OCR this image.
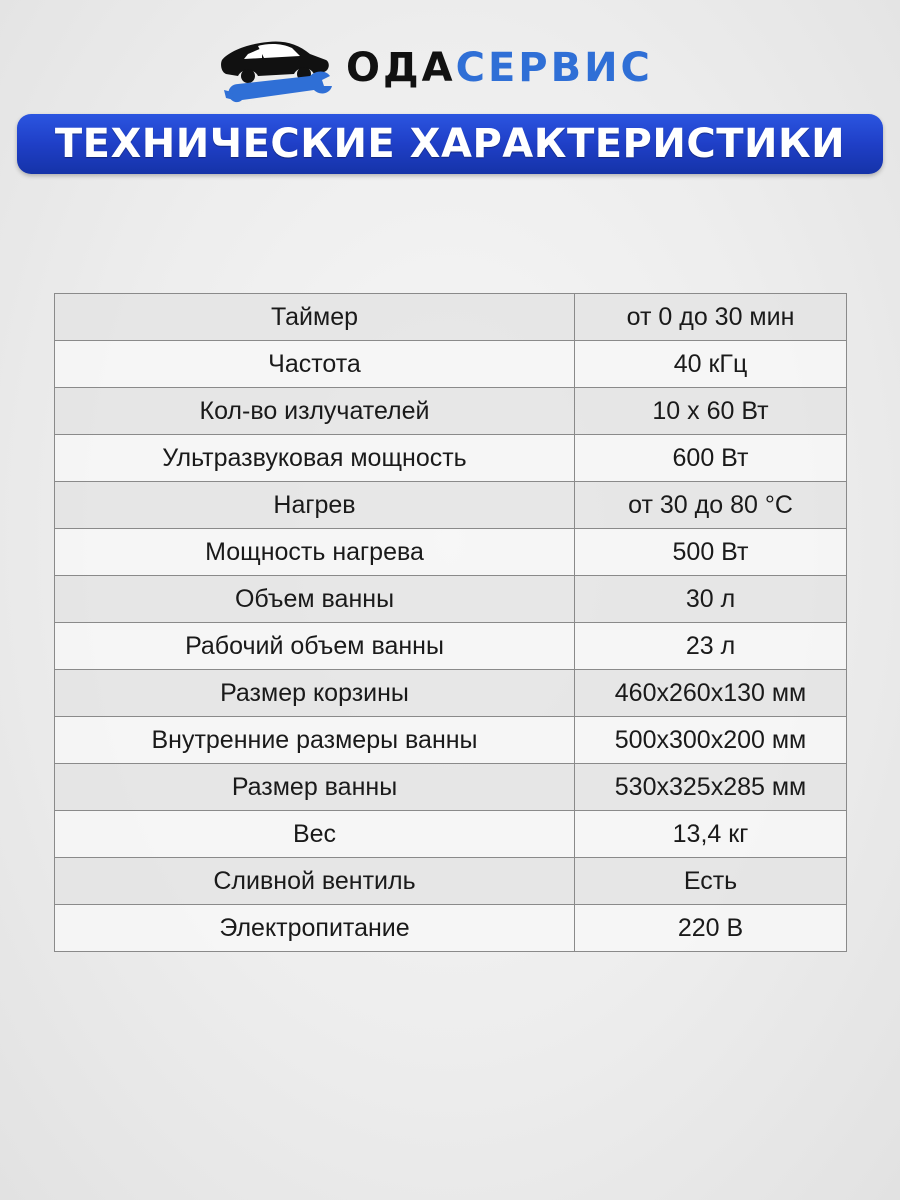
ОДАСЕРВИС
ТЕХНИЧЕСКИЕ ХАРАКТЕРИСТИКИ
Таймер	от 0 до 30 мин
Частота	40 кГц
Кол-во излучателей	10 х 60 Вт
Ультразвуковая мощность	600 Вт
Нагрев	от 30 до 80 °С
Мощность нагрева	500 Вт
Объем ванны	30 л
Рабочий объем ванны	23 л
Размер корзины	460х260х130 мм
Внутренние размеры ванны	500х300х200 мм
Размер ванны	530х325х285 мм
Вес	13,4 кг
Сливной вентиль	Есть
Электропитание	220 В
